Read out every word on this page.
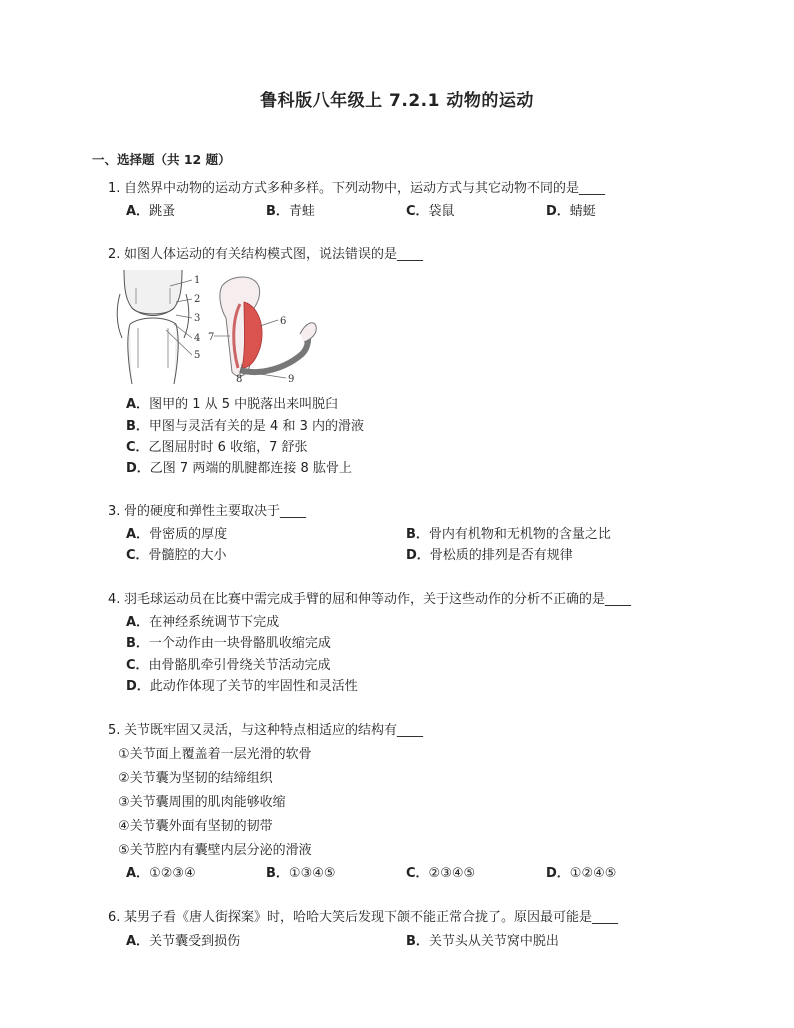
鲁科版八年级上 7.2.1 动物的运动
一、选择题（共 12 题）
1. 自然界中动物的运动方式多种多样。下列动物中，运动方式与其它动物不同的是____
A．跳蚤	B．青蛙	C．袋鼠	D．蜻蜓
2. 如图人体运动的有关结构模式图，说法错误的是____
1
2
3
4
5
6
7
8	9
A．图甲的 1 从 5 中脱落出来叫脱臼
B．甲图与灵活有关的是 4 和 3 内的滑液
C．乙图屈肘时 6 收缩，7 舒张
D．乙图 7 两端的肌腱都连接 8 肱骨上
3. 骨的硬度和弹性主要取决于____
A．骨密质的厚度	B．骨内有机物和无机物的含量之比
C．骨髓腔的大小	D．骨松质的排列是否有规律
4. 羽毛球运动员在比赛中需完成手臂的屈和伸等动作，关于这些动作的分析不正确的是____
A．在神经系统调节下完成
B．一个动作由一块骨骼肌收缩完成
C．由骨骼肌牵引骨绕关节活动完成
D．此动作体现了关节的牢固性和灵活性
5. 关节既牢固又灵活，与这种特点相适应的结构有____
①关节面上覆盖着一层光滑的软骨
②关节囊为坚韧的结缔组织
③关节囊周围的肌肉能够收缩
④关节囊外面有坚韧的韧带
⑤关节腔内有囊壁内层分泌的滑液
A．①②③④	B．①③④⑤	C．②③④⑤	D．①②④⑤
6. 某男子看《唐人街探案》时，哈哈大笑后发现下颌不能正常合拢了。原因最可能是____
A．关节囊受到损伤	B．关节头从关节窝中脱出
